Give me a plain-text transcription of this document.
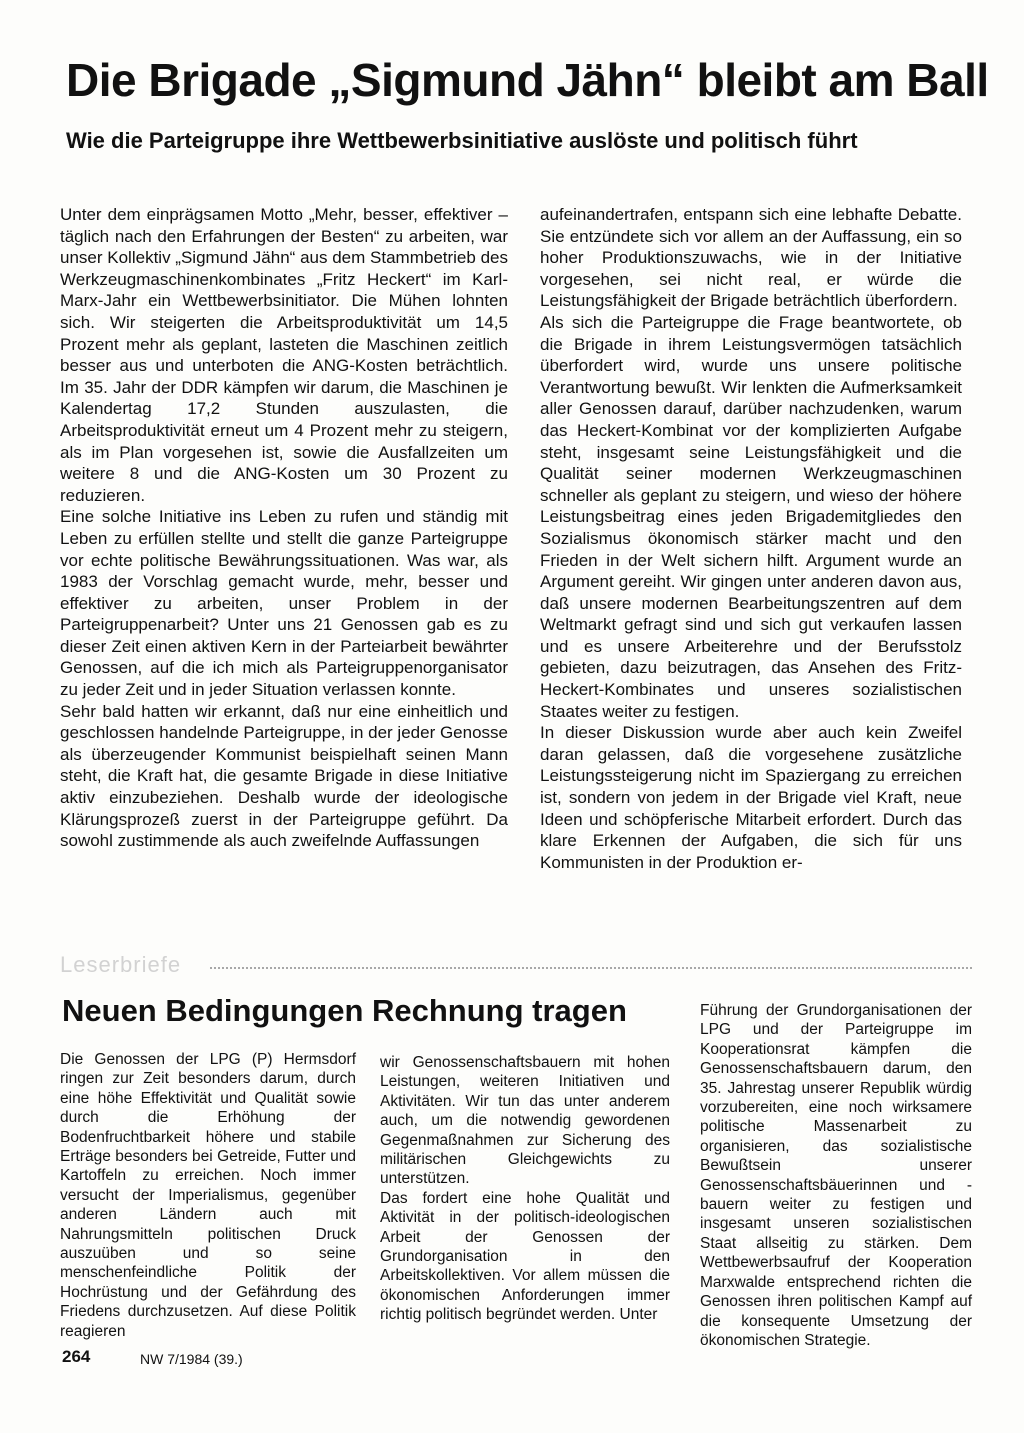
Die Brigade „Sigmund Jähn“ bleibt am Ball
Wie die Parteigruppe ihre Wettbewerbsinitiative auslöste und politisch führt

Unter dem einprägsamen Motto „Mehr, besser, effektiver – täglich nach den Erfahrungen der Besten“ zu arbeiten, war unser Kollektiv „Sigmund Jähn“ aus dem Stammbetrieb des Werkzeugmaschinenkombinates „Fritz Heckert“ im Karl-Marx-Jahr ein Wettbewerbsinitiator. Die Mühen lohnten sich. Wir steigerten die Arbeitsproduktivität um 14,5 Prozent mehr als geplant, lasteten die Maschinen zeitlich besser aus und unterboten die ANG-Kosten beträchtlich. Im 35. Jahr der DDR kämpfen wir darum, die Maschinen je Kalendertag 17,2 Stunden auszulasten, die Arbeitsproduktivität erneut um 4 Prozent mehr zu steigern, als im Plan vorgesehen ist, sowie die Ausfallzeiten um weitere 8 und die ANG-Kosten um 30 Prozent zu reduzieren.

Eine solche Initiative ins Leben zu rufen und ständig mit Leben zu erfüllen stellte und stellt die ganze Parteigruppe vor echte politische Bewährungssituationen. Was war, als 1983 der Vorschlag gemacht wurde, mehr, besser und effektiver zu arbeiten, unser Problem in der Parteigruppenarbeit? Unter uns 21 Genossen gab es zu dieser Zeit einen aktiven Kern in der Parteiarbeit bewährter Genossen, auf die ich mich als Parteigruppenorganisator zu jeder Zeit und in jeder Situation verlassen konnte.

Sehr bald hatten wir erkannt, daß nur eine einheitlich und geschlossen handelnde Parteigruppe, in der jeder Genosse als überzeugender Kommunist beispielhaft seinen Mann steht, die Kraft hat, die gesamte Brigade in diese Initiative aktiv einzubeziehen. Deshalb wurde der ideologische Klärungsprozeß zuerst in der Parteigruppe geführt. Da sowohl zustimmende als auch zweifelnde Auffassungen

aufeinandertrafen, entspann sich eine lebhafte Debatte. Sie entzündete sich vor allem an der Auffassung, ein so hoher Produktionszuwachs, wie in der Initiative vorgesehen, sei nicht real, er würde die Leistungsfähigkeit der Brigade beträchtlich überfordern.

Als sich die Parteigruppe die Frage beantwortete, ob die Brigade in ihrem Leistungsvermögen tatsächlich überfordert wird, wurde uns unsere politische Verantwortung bewußt. Wir lenkten die Aufmerksamkeit aller Genossen darauf, darüber nachzudenken, warum das Heckert-Kombinat vor der komplizierten Aufgabe steht, insgesamt seine Leistungsfähigkeit und die Qualität seiner modernen Werkzeugmaschinen schneller als geplant zu steigern, und wieso der höhere Leistungsbeitrag eines jeden Brigademitgliedes den Sozialismus ökonomisch stärker macht und den Frieden in der Welt sichern hilft. Argument wurde an Argument gereiht. Wir gingen unter anderen davon aus, daß unsere modernen Bearbeitungszentren auf dem Weltmarkt gefragt sind und sich gut verkaufen lassen und es unsere Arbeiterehre und der Berufsstolz gebieten, dazu beizutragen, das Ansehen des Fritz-Heckert-Kombinates und unseres sozialistischen Staates weiter zu festigen.

In dieser Diskussion wurde aber auch kein Zweifel daran gelassen, daß die vorgesehene zusätzliche Leistungssteigerung nicht im Spaziergang zu erreichen ist, sondern von jedem in der Brigade viel Kraft, neue Ideen und schöpferische Mitarbeit erfordert. Durch das klare Erkennen der Aufgaben, die sich für uns Kommunisten in der Produktion er-

Leserbriefe
Neuen Bedingungen Rechnung tragen

Die Genossen der LPG (P) Hermsdorf ringen zur Zeit besonders darum, durch eine höhe Effektivität und Qualität sowie durch die Erhöhung der Bodenfruchtbarkeit höhere und stabile Erträge besonders bei Getreide, Futter und Kartoffeln zu erreichen. Noch immer versucht der Imperialismus, gegenüber anderen Ländern auch mit Nahrungsmitteln politischen Druck auszuüben und so seine menschenfeindliche Politik der Hochrüstung und der Gefährdung des Friedens durchzusetzen. Auf diese Politik reagieren

wir Genossenschaftsbauern mit hohen Leistungen, weiteren Initiativen und Aktivitäten. Wir tun das unter anderem auch, um die notwendig gewordenen Gegenmaßnahmen zur Sicherung des militärischen Gleichgewichts zu unterstützen.

Das fordert eine hohe Qualität und Aktivität in der politisch-ideologischen Arbeit der Genossen der Grundorganisation in den Arbeitskollektiven. Vor allem müssen die ökonomischen Anforderungen immer richtig politisch begründet werden. Unter

Führung der Grundorganisationen der LPG und der Parteigruppe im Kooperationsrat kämpfen die Genossenschaftsbauern darum, den 35. Jahrestag unserer Republik würdig vorzubereiten, eine noch wirksamere politische Massenarbeit zu organisieren, das sozialistische Bewußtsein unserer Genossenschaftsbäuerinnen und -bauern weiter zu festigen und insgesamt unseren sozialistischen Staat allseitig zu stärken. Dem Wettbewerbsaufruf der Kooperation Marxwalde entsprechend richten die Genossen ihren politischen Kampf auf die konsequente Umsetzung der ökonomischen Strategie.

264	NW 7/1984 (39.)
